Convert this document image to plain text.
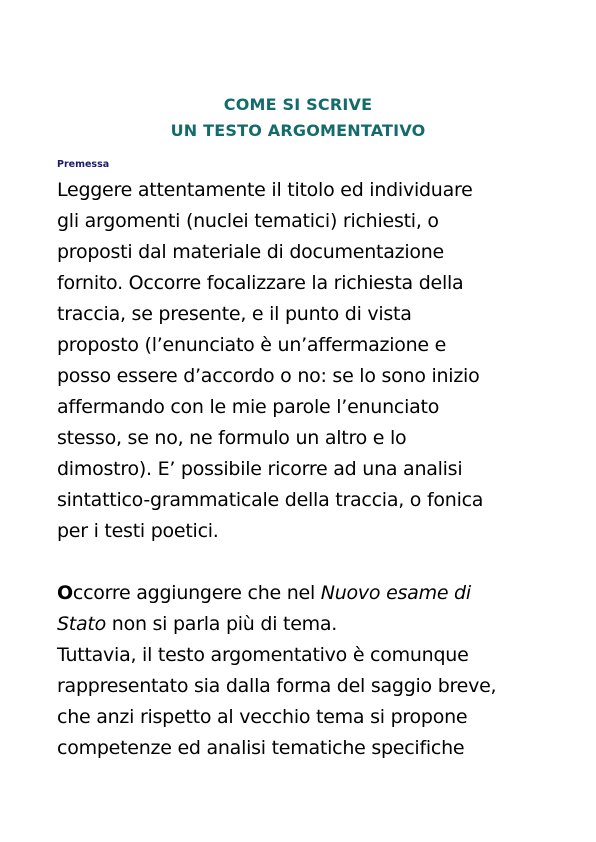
COME SI SCRIVE
UN TESTO ARGOMENTATIVO
Premessa
Leggere attentamente il titolo ed individuare
gli argomenti (nuclei tematici) richiesti, o
proposti dal materiale di documentazione
fornito. Occorre focalizzare la richiesta della
traccia, se presente, e il punto di vista
proposto (l’enunciato è un’affermazione e
posso essere d’accordo o no: se lo sono inizio
affermando con le mie parole l’enunciato
stesso, se no, ne formulo un altro e lo
dimostro). E’ possibile ricorre ad una analisi
sintattico-grammaticale della traccia, o fonica
per i testi poetici.
Occorre aggiungere che nel Nuovo esame di
Stato non si parla più di tema.
Tuttavia, il testo argomentativo è comunque
rappresentato sia dalla forma del saggio breve,
che anzi rispetto al vecchio tema si propone
competenze ed analisi tematiche specifiche
